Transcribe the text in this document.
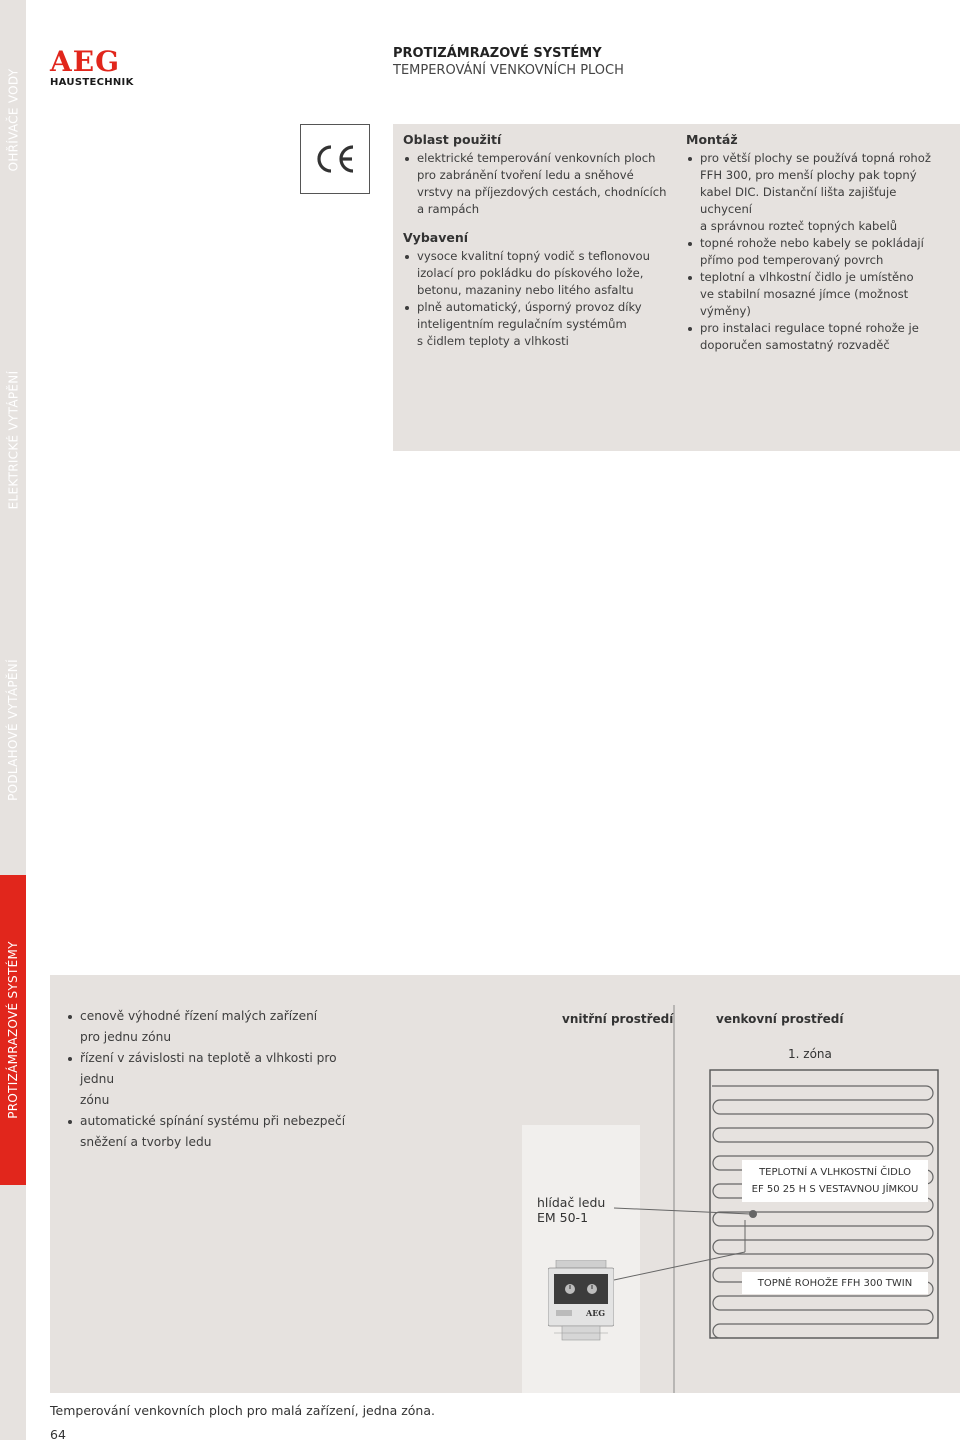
OHŘÍVAČE VODY
ELEKTRICKÉ VYTÁPĚNÍ
PODLAHOVÉ VYTÁPĚNÍ
PROTIZÁMRAZOVÉ SYSTÉMY
AEG
HAUSTECHNIK
PROTIZÁMRAZOVÉ SYSTÉMY
TEMPEROVÁNÍ VENKOVNÍCH PLOCH
Oblast použití
elektrické temperování venkovních ploch
pro zabránění tvoření ledu a sněhové
vrstvy na příjezdových cestách, chodnících
a rampách
Vybavení
vysoce kvalitní topný vodič s teflonovou
izolací pro pokládku do pískového lože,
betonu, mazaniny nebo litého asfaltu
plně automatický, úsporný provoz díky
inteligentním regulačním systémům
s čidlem teploty a vlhkosti
Montáž
pro větší plochy se používá topná rohož
FFH 300, pro menší plochy pak topný
kabel DIC. Distanční lišta zajišťuje uchycení
a správnou rozteč topných kabelů
topné rohože nebo kabely se pokládají
přímo pod temperovaný povrch
teplotní a vlhkostní čidlo je umístěno
ve stabilní mosazné jímce (možnost
výměny)
pro instalaci regulace topné rohože je
doporučen samostatný rozvaděč
cenově výhodné řízení malých zařízení
pro jednu zónu
řízení v závislosti na teplotě a vlhkosti pro jednu
zónu
automatické spínání systému při nebezpečí
sněžení a tvorby ledu
vnitřní prostředí	venkovní prostředí
hlídač ledu
EM 50-1
1. zóna
TEPLOTNÍ A VLHKOSTNÍ ČIDLO
EF 50 25 H S VESTAVNOU JÍMKOU
TOPNÉ ROHOŽE FFH 300 TWIN
AEG
Temperování venkovních ploch pro malá zařízení, jedna zóna.
64
